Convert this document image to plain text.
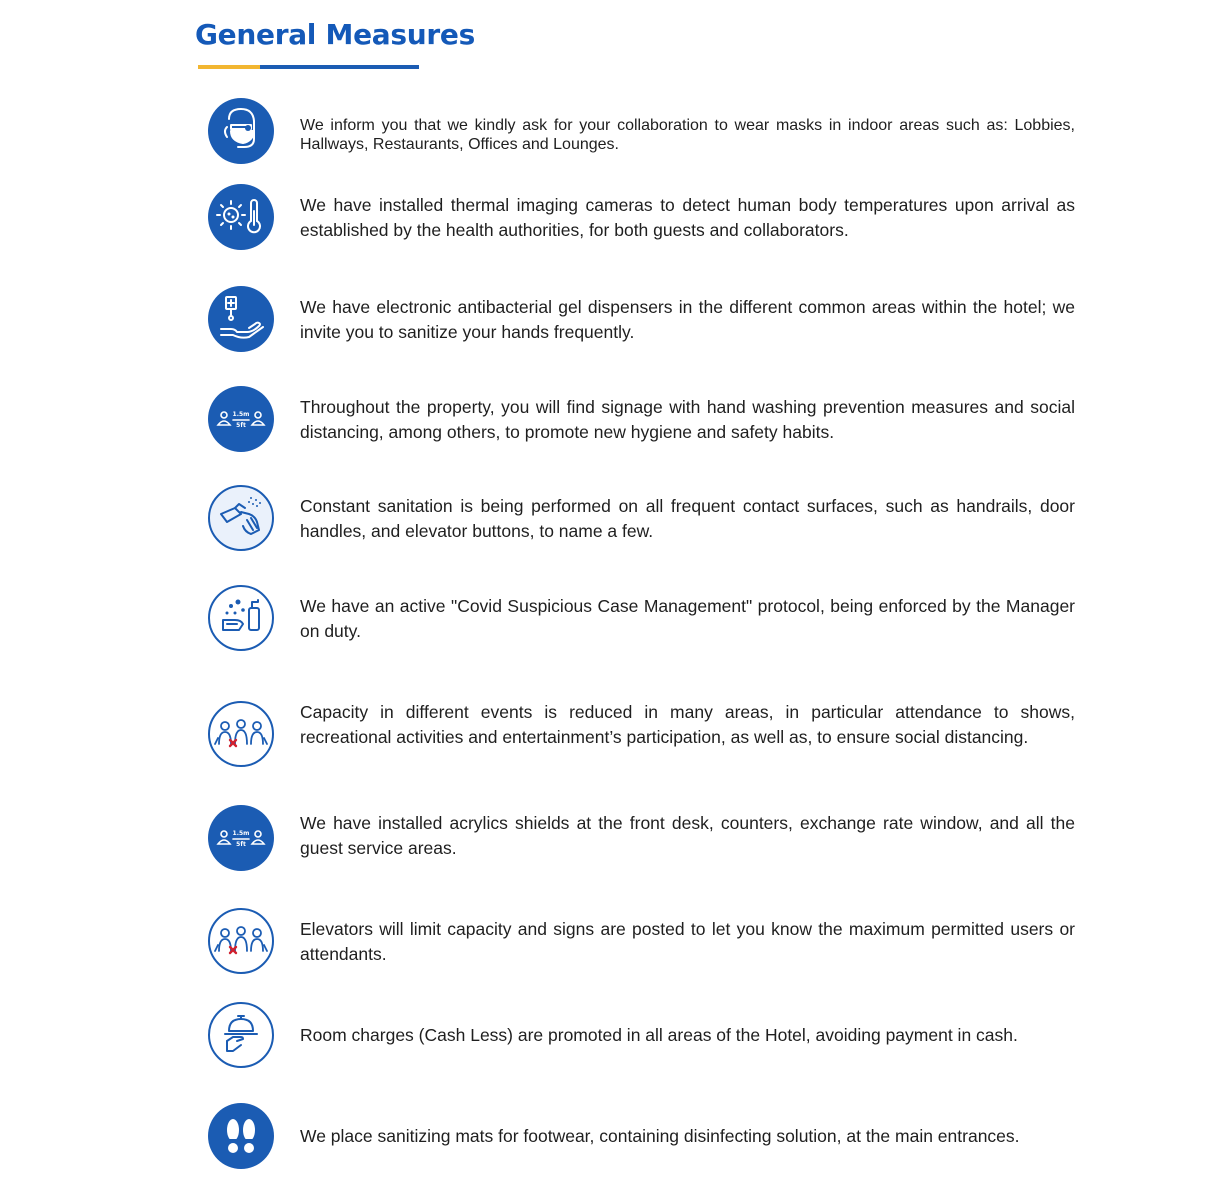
General Measures

We inform you that we kindly ask for your collaboration to wear masks in indoor areas such as: Lobbies, Hallways, Restaurants, Offices and Lounges.

We have installed thermal imaging cameras to detect human body temperatures upon arrival as established by the health authorities, for both guests and collaborators.

We have electronic antibacterial gel dispensers in the different common areas within the hotel; we invite you to sanitize your hands frequently.

1.5m
5ft

Throughout the property, you will find signage with hand washing prevention measures and social distancing, among others, to promote new hygiene and safety habits.

Constant sanitation is being performed on all frequent contact surfaces, such as handrails, door handles, and elevator buttons, to name a few.

We have an active "Covid Suspicious Case Management" protocol, being enforced by the Manager on duty.

Capacity in different events is reduced in many areas, in particular attendance to shows, recreational activities and entertainment’s participation, as well as, to ensure social distancing.

1.5m
5ft

We have installed acrylics shields at the front desk, counters, exchange rate window, and all the guest service areas.

Elevators will limit capacity and signs are posted to let you know the maximum permitted users or attendants.

Room charges (Cash Less) are promoted in all areas of the Hotel, avoiding payment in cash.

We place sanitizing mats for footwear, containing disinfecting solution, at the main entrances.
